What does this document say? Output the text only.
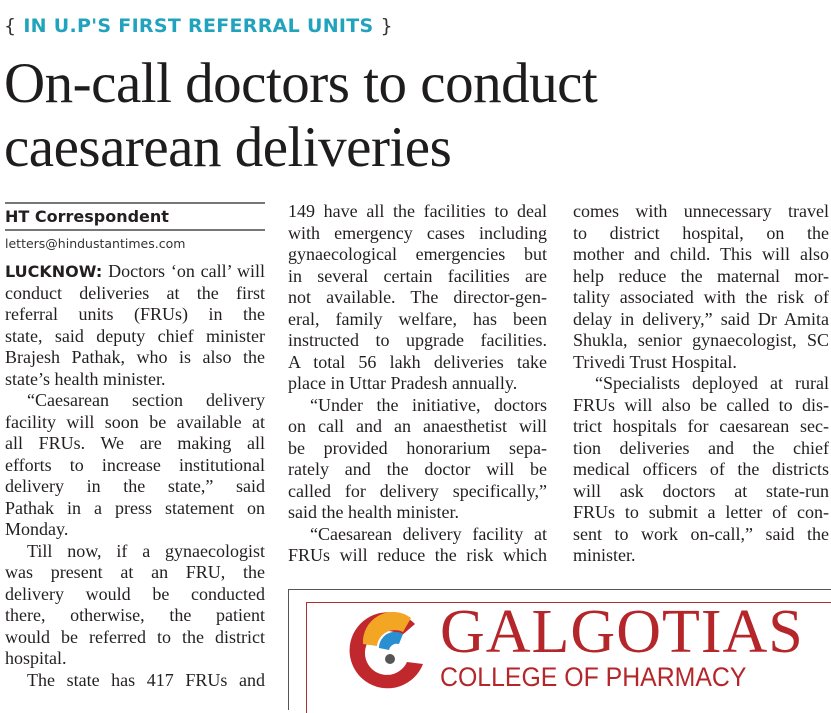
{ IN U.P'S FIRST REFERRAL UNITS }
On-call doctors to conduct
caesarean deliveries
HT Correspondent
letters@hindustantimes.com
LUCKNOW: Doctors ‘on call’ will
conduct deliveries at the first
referral units (FRUs) in the
state, said deputy chief minister
Brajesh Pathak, who is also the
state’s health minister.
“Caesarean section delivery
facility will soon be available at
all FRUs. We are making all
efforts to increase institutional
delivery in the state,” said
Pathak in a press statement on
Monday.
Till now, if a gynaecologist
was present at an FRU, the
delivery would be conducted
there, otherwise, the patient
would be referred to the district
hospital.
The state has 417 FRUs and
149 have all the facilities to deal
with emergency cases including
gynaecological emergencies but
in several certain facilities are
not available. The director-gen-
eral, family welfare, has been
instructed to upgrade facilities.
A total 56 lakh deliveries take
place in Uttar Pradesh annually.
“Under the initiative, doctors
on call and an anaesthetist will
be provided honorarium sepa-
rately and the doctor will be
called for delivery specifically,”
said the health minister.
“Caesarean delivery facility at
FRUs will reduce the risk which
comes with unnecessary travel
to district hospital, on the
mother and child. This will also
help reduce the maternal mor-
tality associated with the risk of
delay in delivery,” said Dr Amita
Shukla, senior gynaecologist, SC
Trivedi Trust Hospital.
“Specialists deployed at rural
FRUs will also be called to dis-
trict hospitals for caesarean sec-
tion deliveries and the chief
medical officers of the districts
will ask doctors at state-run
FRUs to submit a letter of con-
sent to work on-call,” said the
minister.
GALGOTIAS
COLLEGE OF PHARMACY
